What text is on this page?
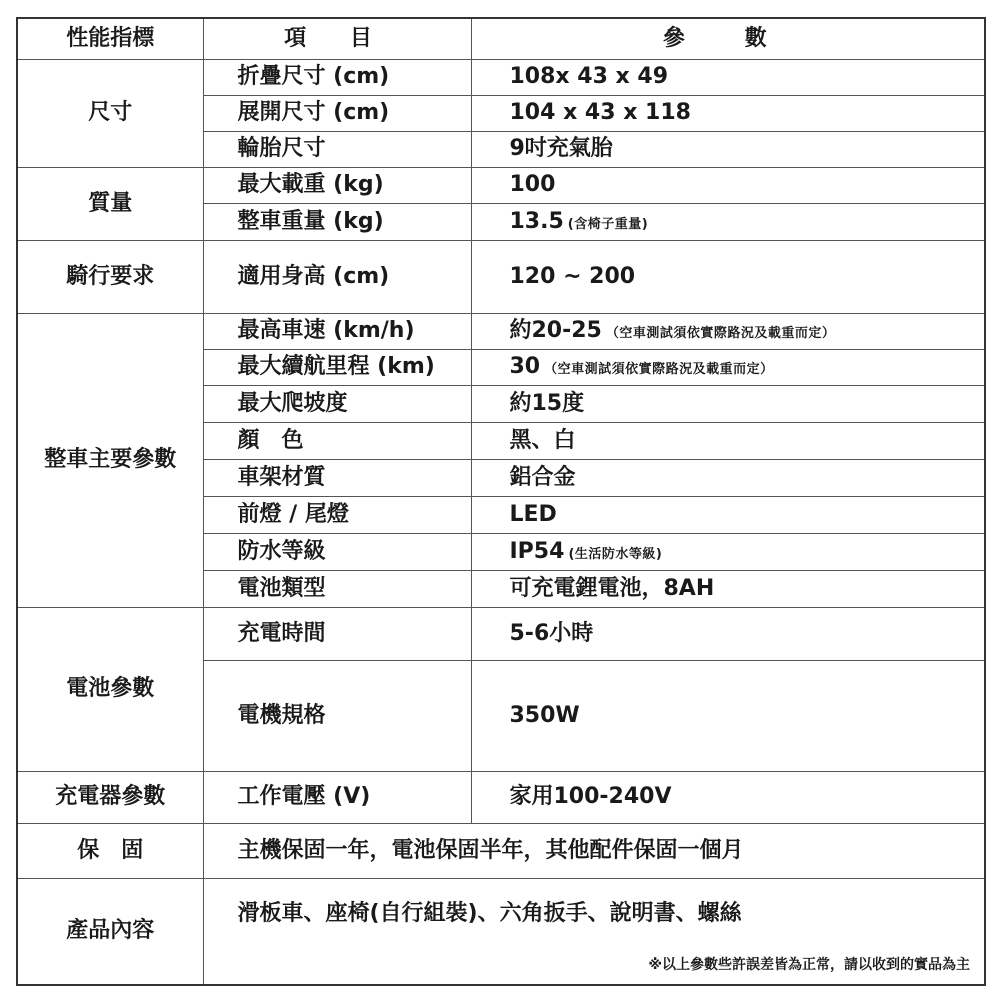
性能指標	項 目	參 數
尺寸	折疊尺寸 (cm)	108x 43 x 49
	展開尺寸 (cm)	104 x 43 x 118
	輪胎尺寸	9吋充氣胎
質量	最大載重 (kg)	100
	整車重量 (kg)	13.5 (含椅子重量)
騎行要求	適用身高 (cm)	120 ~ 200
整車主要參數	最高車速 (km/h)	約20-25 （空車測試須依實際路況及載重而定）
	最大續航里程 (km)	30 （空車測試須依實際路況及載重而定）
	最大爬坡度	約15度
	顏　色	黑、白
	車架材質	鋁合金
	前燈 / 尾燈	LED
	防水等級	IP54 (生活防水等級)
	電池類型	可充電鋰電池，8AH
電池參數	充電時間	5-6小時
	電機規格	350W
充電器參數	工作電壓 (V)	家用100-240V
保　固	主機保固一年，電池保固半年，其他配件保固一個月	
產品內容	滑板車、座椅(自行組裝)、六角扳手、說明書、螺絲
※以上參數些許誤差皆為正常，請以收到的實品為主	
